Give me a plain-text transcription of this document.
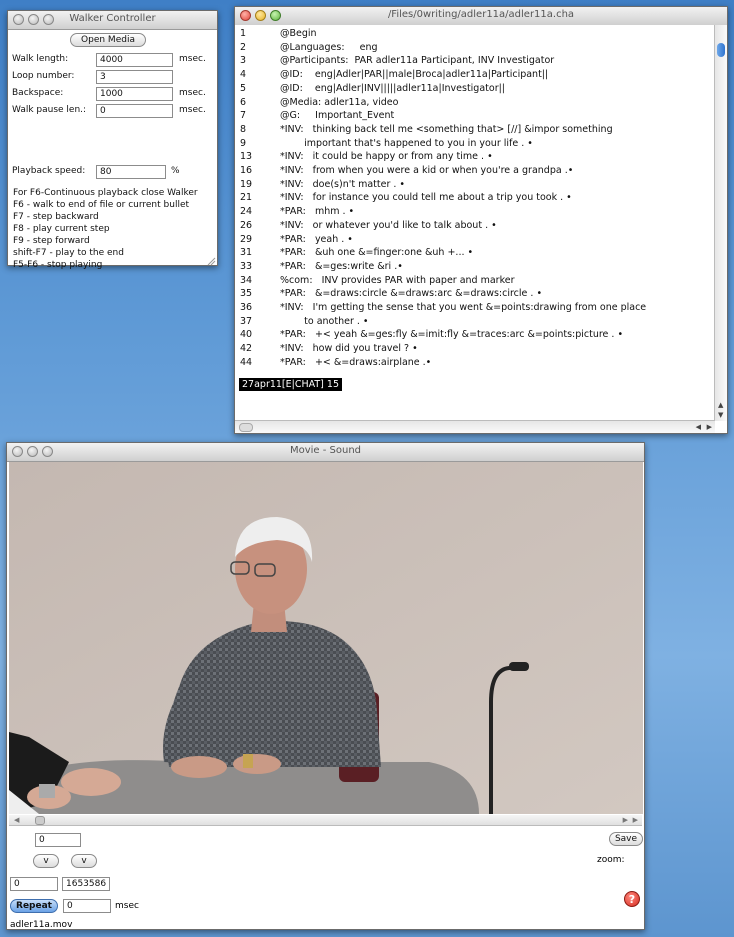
Walker Controller
Open Media
Walk length:	4000	msec.
Loop number:	3
Backspace:	1000	msec.
Walk pause len.:	0	msec.
Playback speed:	80	%
For F6-Continuous playback close Walker
F6 - walk to end of file or current bullet
F7 - step backward
F8 - play current step
F9 - step forward
shift-F7 - play to the end
F5-F6 - stop playing
/Files/0writing/adler11a/adler11a.cha
1	@Begin
2	@Languages:     eng
3	@Participants:  PAR adler11a Participant, INV Investigator
4	@ID:    eng|Adler|PAR||male|Broca|adler11a|Participant||
5	@ID:    eng|Adler|INV|||||adler11a|Investigator||
6	@Media: adler11a, video
7	@G:     Important_Event
8	*INV:   thinking back tell me <something that> [//] &impor something
9	important that's happened to you in your life . •
13	*INV:   it could be happy or from any time . •
16	*INV:   from when you were a kid or when you're a grandpa .•
19	*INV:   doe(s)n't matter . •
21	*INV:   for instance you could tell me about a trip you took . •
24	*PAR:   mhm . •
26	*INV:   or whatever you'd like to talk about . •
29	*PAR:   yeah . •
31	*PAR:   &uh one &=finger:one &uh +... •
33	*PAR:   &=ges:write &ri .•
34	%com:   INV provides PAR with paper and marker
35	*PAR:   &=draws:circle &=draws:arc &=draws:circle . •
36	*INV:   I'm getting the sense that you went &=points:drawing from one place
37	to another . •
40	*PAR:   +< yeah &=ges:fly &=imit:fly &=traces:arc &=points:picture . •
42	*INV:   how did you travel ? •
44	*PAR:   +< &=draws:airplane .•
27apr11[E|CHAT] 15
▲
▼
◀ ▶
Movie - Sound
◀	▶ ▶
0
v	v
0	1653586
Repeat	0	msec
adler11a.mov
Save
zoom:
?
